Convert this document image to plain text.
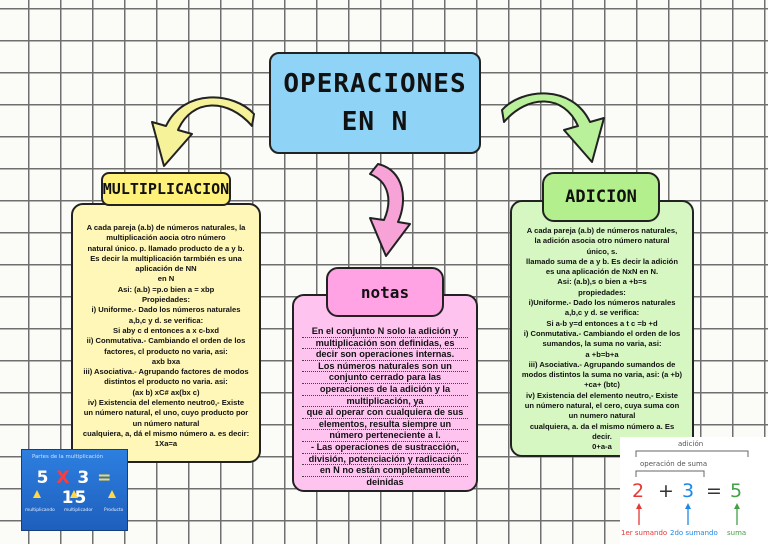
OPERACIONES
EN N
A cada pareja (a.b) de números naturales, la
multiplicación aocia otro número
natural único. p. llamado producto de a y b.
Es decir la multiplicación tarmbién es una
aplicación de NN
en N
Asi: (a.b) =p.o bien a = xbp
Propiedades:
i) Uniforme.- Dado los números naturales
a,b,c y d. se verifica:
Si aby c d entonces a x c-bxd
ii) Conmutativa.- Cambiando el orden de los
factores, cl producto no varia, asi:
axb bxa
iii) Asociativa.- Agrupando factores de modos
distintos el producto no varia. asi:
(ax b) xC# ax(bx c)
iv) Existencia del elemento neutro0,- Existe
un número natural, el uno, cuyo producto por
un número natural
cualquiera, a, dá el mismo número a. es decir:
1Xa=a
MULTIPLICACION
A cada pareja (a.b) de números naturales,
la adición asocia otro número natural
único, s.
llamado suma de a y b. Es decir la adición
es una aplicación de NxN en N.
Asi: (a.b),s o bien a +b=s
propiedades:
i)Uniforme.- Dado los números naturales
a,b,c y d. se verifica:
Si a-b y=d entonces a t c =b +d
i) Conmutativa.- Cambiando el orden de los
sumandos, la suma no varia, asi:
a +b=b+a
iii) Asociativa.- Agrupando sumandos de
modos distintos la suma no varia, asi: (a +b)
+ca+ (btc)
iv) Existencia del elemento neutro,- Existe
un número natural, el cero, cuya suma con
un numero natural
cualquiera, a. da el mismo número a. Es
decir.
0+a-a
ADICION
En el conjunto N solo la adición y
multiplicación son definidas, es
decir son operaciones internas.
Los números naturales son un
conjunto cerrado para las
operaciones de la adición y la
multiplicación, ya
que al operar con cualquiera de sus
elementos, resulta siempre un
número perteneciente a l.
- Las operaciones de sustracción,
división, potenciación y radicación
en N no están completamente
deinidas
notas
Partes de la multiplicación
5 X 3 = 15
multiplicando multiplicador	Producto
adición
operación de suma
2 + 3 = 5
1er sumando 2do sumando suma
